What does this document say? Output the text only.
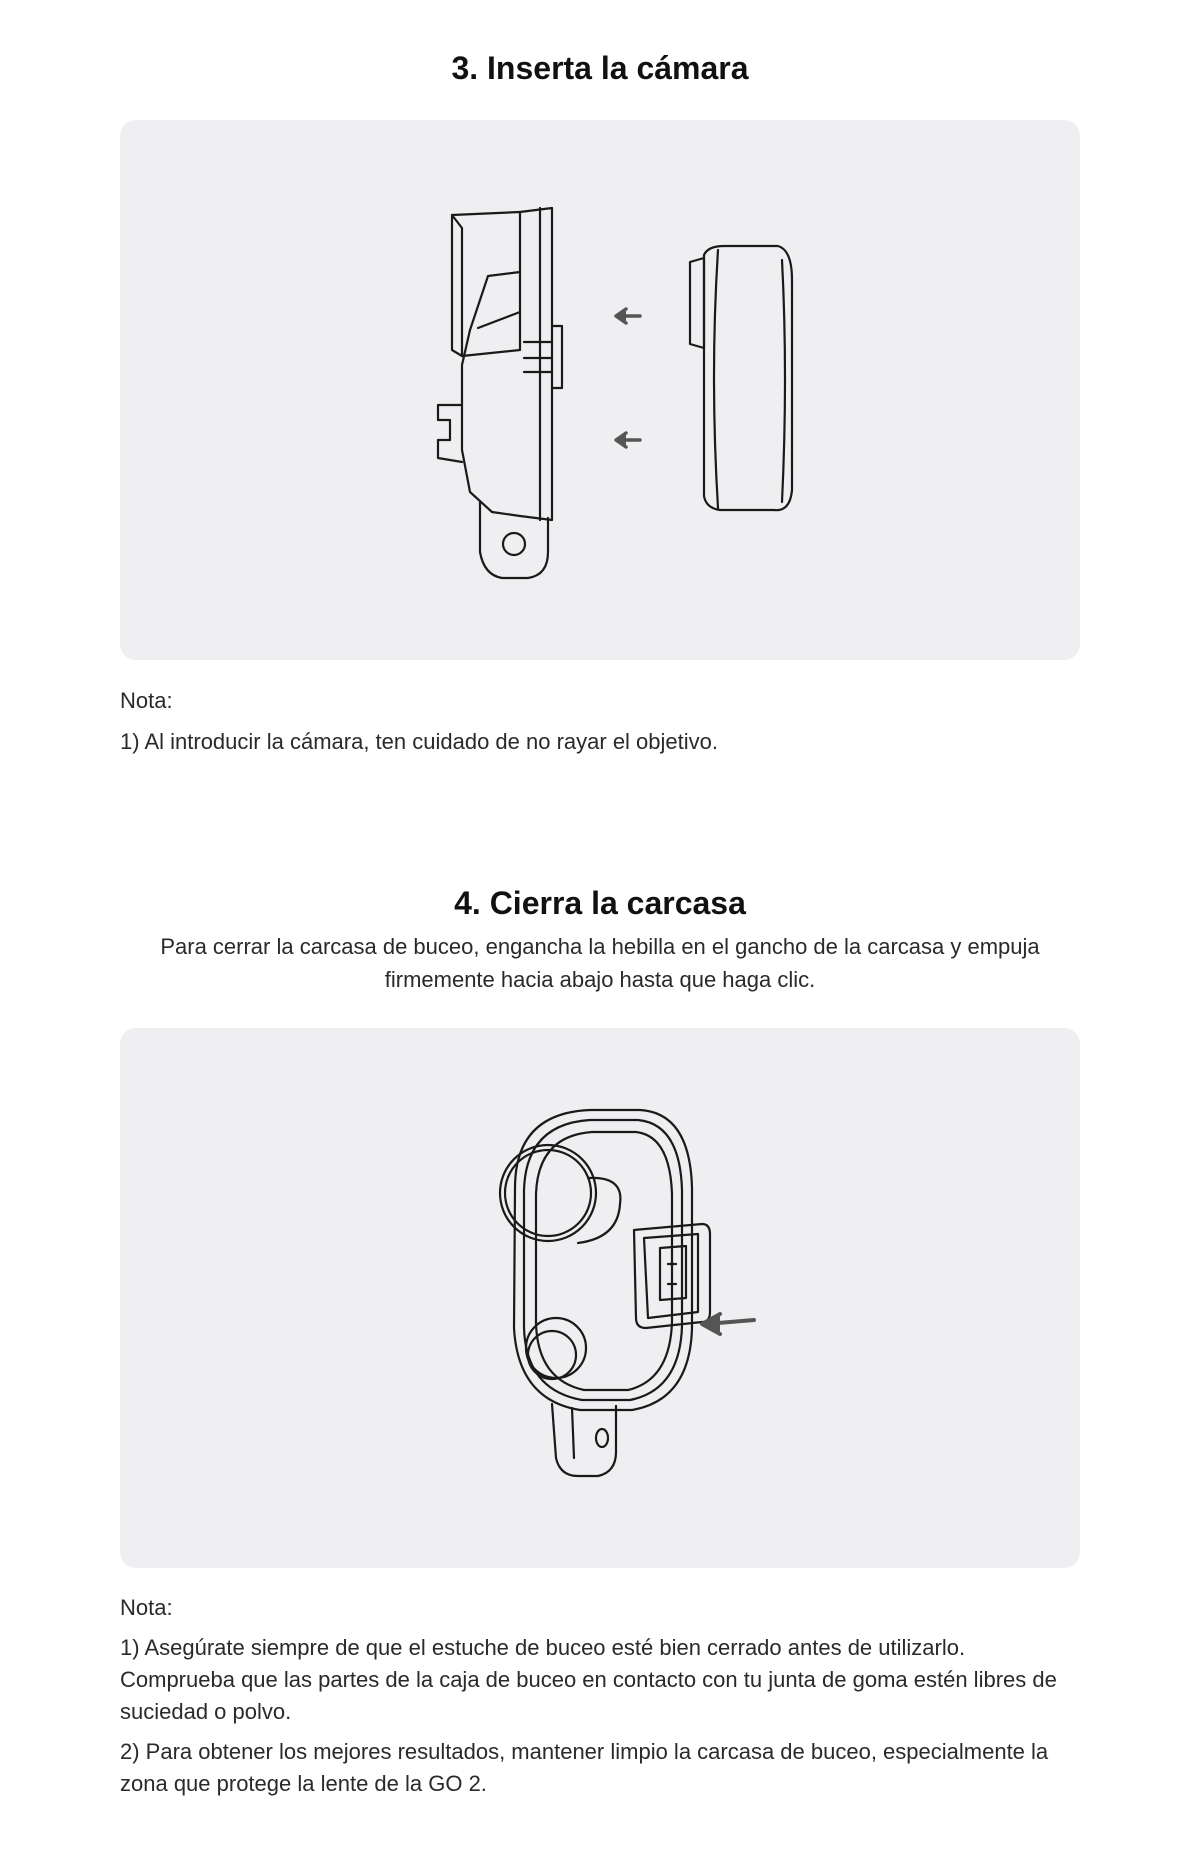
3. Inserta la cámara

Nota:

1) Al introducir la cámara, ten cuidado de no rayar el objetivo.

4. Cierra la carcasa

Para cerrar la carcasa de buceo, engancha la hebilla en el gancho de la carcasa y empuja firmemente hacia abajo hasta que haga clic.

Nota:

1) Asegúrate siempre de que el estuche de buceo esté bien cerrado antes de utilizarlo. Comprueba que las partes de la caja de buceo en contacto con tu junta de goma estén libres de suciedad o polvo.

2) Para obtener los mejores resultados, mantener limpio la carcasa de buceo, especialmente la zona que protege la lente de la GO 2.
